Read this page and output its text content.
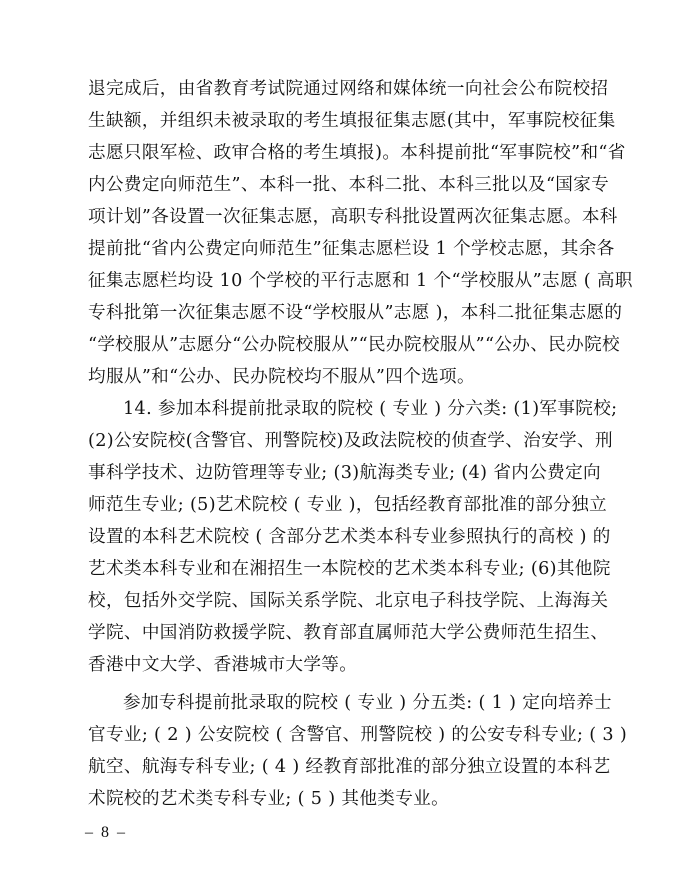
退完成后，由省教育考试院通过网络和媒体统一向社会公布院校招
生缺额，并组织未被录取的考生填报征集志愿(其中，军事院校征集
志愿只限军检、政审合格的考生填报)。本科提前批“军事院校”和“省
内公费定向师范生”、本科一批、本科二批、本科三批以及“国家专
项计划”各设置一次征集志愿，高职专科批设置两次征集志愿。本科
提前批“省内公费定向师范生”征集志愿栏设 1 个学校志愿，其余各
征集志愿栏均设 10 个学校的平行志愿和 1 个“学校服从”志愿 ( 高职
专科批第一次征集志愿不设“学校服从”志愿 )，本科二批征集志愿的
“学校服从”志愿分“公办院校服从”“民办院校服从”“公办、民办院校
均服从”和“公办、民办院校均不服从”四个选项。
14. 参加本科提前批录取的院校 ( 专业 ) 分六类: (1)军事院校;
(2)公安院校(含警官、刑警院校)及政法院校的侦查学、治安学、刑
事科学技术、边防管理等专业; (3)航海类专业; (4) 省内公费定向
师范生专业; (5)艺术院校 ( 专业 )，包括经教育部批准的部分独立
设置的本科艺术院校 ( 含部分艺术类本科专业参照执行的高校 ) 的
艺术类本科专业和在湘招生一本院校的艺术类本科专业; (6)其他院
校，包括外交学院、国际关系学院、北京电子科技学院、上海海关
学院、中国消防救援学院、教育部直属师范大学公费师范生招生、
香港中文大学、香港城市大学等。
参加专科提前批录取的院校 ( 专业 ) 分五类: ( 1 ) 定向培养士
官专业; ( 2 ) 公安院校 ( 含警官、刑警院校 ) 的公安专科专业; ( 3 )
航空、航海专科专业; ( 4 ) 经教育部批准的部分独立设置的本科艺
术院校的艺术类专科专业; ( 5 ) 其他类专业。
– 8 –
